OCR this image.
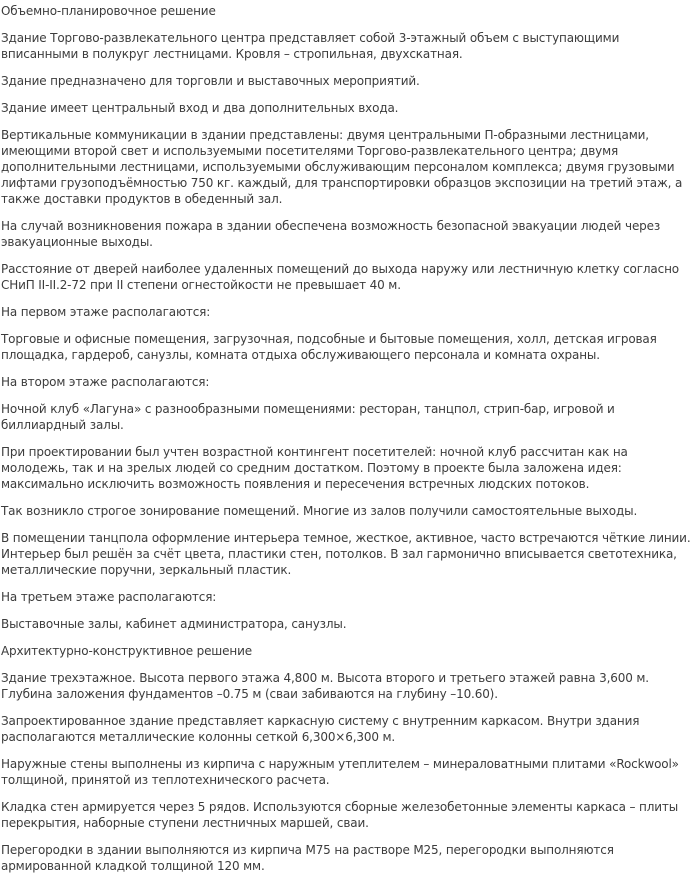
Объемно-планировочное решение

Здание Торгово-развлекательного центра представляет собой 3-этажный объем с выступающими вписанными в полукруг лестницами. Кровля – стропильная, двухскатная.

Здание предназначено для торговли и выставочных мероприятий.

Здание имеет центральный вход и два дополнительных входа.

Вертикальные коммуникации в здании представлены: двумя центральными П-образными лестницами, имеющими второй свет и используемыми посетителями Торгово-развлекательного центра; двумя дополнительными лестницами, используемыми обслуживающим персоналом комплекса; двумя грузовыми лифтами грузоподъёмностью 750 кг. каждый, для транспортировки образцов экспозиции на третий этаж, а также доставки продуктов в обеденный зал.

На случай возникновения пожара в здании обеспечена возможность безопасной эвакуации людей через эвакуационные выходы.

Расстояние от дверей наиболее удаленных помещений до выхода наружу или лестничную клетку согласно СНиП II-II.2-72 при II степени огнестойкости не превышает 40 м.

На первом этаже располагаются:

Торговые и офисные помещения, загрузочная, подсобные и бытовые помещения, холл, детская игровая площадка, гардероб, санузлы, комната отдыха обслуживающего персонала и комната охраны.

На втором этаже располагаются:

Ночной клуб «Лагуна» с разнообразными помещениями: ресторан, танцпол, стрип-бар, игровой и биллиардный залы.

При проектировании был учтен возрастной контингент посетителей: ночной клуб рассчитан как на молодежь, так и на зрелых людей со средним достатком. Поэтому в проекте была заложена идея: максимально исключить возможность появления и пересечения встречных людских потоков.

Так возникло строгое зонирование помещений. Многие из залов получили самостоятельные выходы.

В помещении танцпола оформление интерьера темное, жесткое, активное, часто встречаются чёткие линии. Интерьер был решён за счёт цвета, пластики стен, потолков. В зал гармонично вписывается светотехника, металлические поручни, зеркальный пластик.

На третьем этаже располагаются:

Выставочные залы, кабинет администратора, санузлы.

Архитектурно-конструктивное решение

Здание трехэтажное. Высота первого этажа 4,800 м. Высота второго и третьего этажей равна 3,600 м. Глубина заложения фундаментов –0.75 м (сваи забиваются на глубину –10.60).

Запроектированное здание представляет каркасную систему с внутренним каркасом. Внутри здания располагаются металлические колонны сеткой 6,300×6,300 м.

Наружные стены выполнены из кирпича с наружным утеплителем – минераловатными плитами «Rockwool» толщиной, принятой из теплотехнического расчета.

Кладка стен армируется через 5 рядов. Используются сборные железобетонные элементы каркаса – плиты перекрытия, наборные ступени лестничных маршей, сваи.

Перегородки в здании выполняются из кирпича М75 на растворе М25, перегородки выполняются армированной кладкой толщиной 120 мм.
